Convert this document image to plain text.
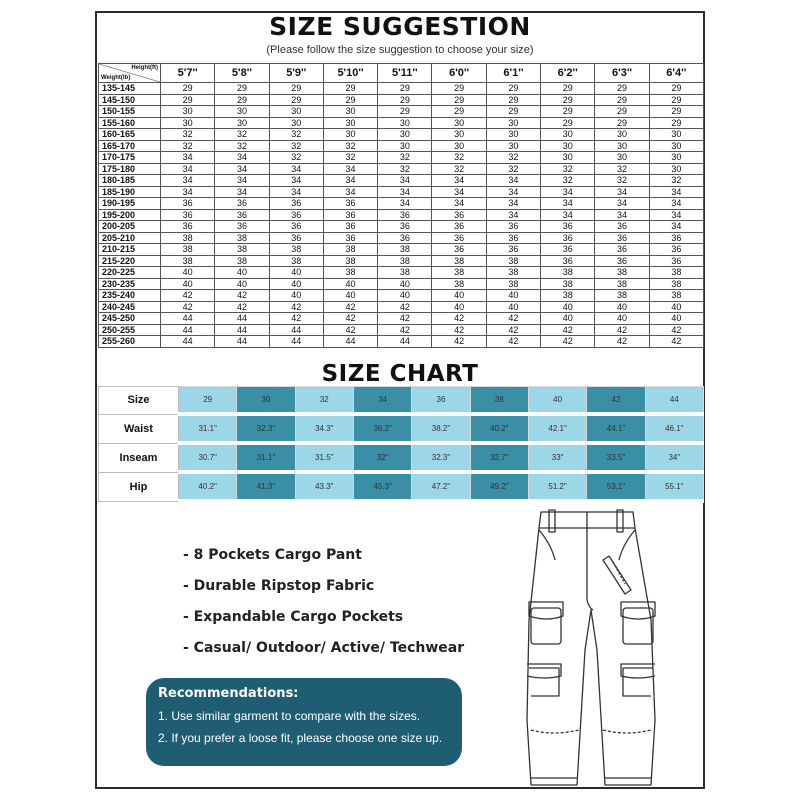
SIZE SUGGESTION
(Please follow the size suggestion to choose your size)
Height(ft)
Weight(lb)	5'7''	5'8''	5'9''	5'10''	5'11''	6'0''	6'1''	6'2''	6'3''	6'4''
135-145	29	29	29	29	29	29	29	29	29	29
145-150	29	29	29	29	29	29	29	29	29	29
150-155	30	30	30	30	29	29	29	29	29	29
155-160	30	30	30	30	30	30	30	29	29	29
160-165	32	32	32	30	30	30	30	30	30	30
165-170	32	32	32	32	30	30	30	30	30	30
170-175	34	34	32	32	32	32	32	30	30	30
175-180	34	34	34	34	32	32	32	32	32	30
180-185	34	34	34	34	34	34	34	32	32	32
185-190	34	34	34	34	34	34	34	34	34	34
190-195	36	36	36	36	34	34	34	34	34	34
195-200	36	36	36	36	36	36	34	34	34	34
200-205	36	36	36	36	36	36	36	36	36	34
205-210	38	38	36	36	36	36	36	36	36	36
210-215	38	38	38	38	38	36	36	36	36	36
215-220	38	38	38	38	38	38	38	36	36	36
220-225	40	40	40	38	38	38	38	38	38	38
230-235	40	40	40	40	40	38	38	38	38	38
235-240	42	42	40	40	40	40	40	38	38	38
240-245	42	42	42	42	42	40	40	40	40	40
245-250	44	44	42	42	42	42	42	40	40	40
250-255	44	44	44	42	42	42	42	42	42	42
255-260	44	44	44	44	44	42	42	42	42	42
SIZE CHART
Size	29	30	32	34	36	38	40	42	44
Waist	31.1"	32.3"	34.3"	36.2"	38.2"	40.2"	42.1"	44.1"	46.1"
Inseam	30.7"	31.1"	31.5"	32"	32.3"	32.7"	33"	33.5"	34"
Hip	40.2"	41.3"	43.3"	45.3"	47.2"	49.2"	51.2"	53.1"	55.1"
- 8 Pockets Cargo Pant
- Durable Ripstop Fabric
- Expandable Cargo Pockets
- Casual/ Outdoor/ Active/ Techwear
Recommendations:
1. Use similar garment to compare with the sizes.
2. If you prefer a loose fit, please choose one size up.
